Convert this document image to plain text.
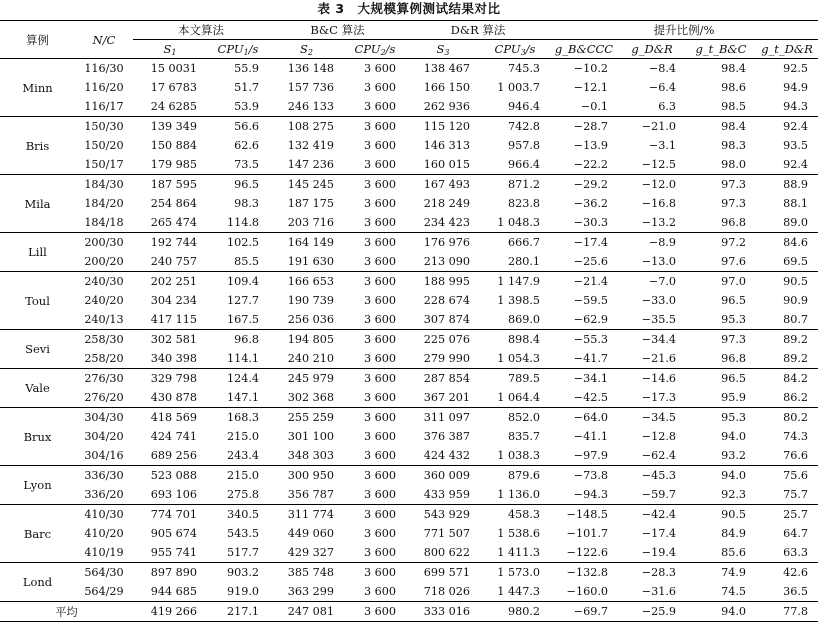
表 3　大规模算例测试结果对比
算例	N/C	本文算法		B&C 算法		D&R 算法		提升比例/%			
		$S_1$	$CPU_1/s$	$S_2$	$CPU_2/s$	$S_3$	$CPU_3/s$	g_B&CCC	g_D&R	g_t_B&C	g_t_D&R
Minn	116/30	15 0031	55.9	136 148	3 600	138 467	745.3	−10.2	−8.4	98.4	92.5
	116/20	17 6783	51.7	157 736	3 600	166 150	1 003.7	−12.1	−6.4	98.6	94.9
	116/17	24 6285	53.9	246 133	3 600	262 936	946.4	−0.1	6.3	98.5	94.3
Bris	150/30	139 349	56.6	108 275	3 600	115 120	742.8	−28.7	−21.0	98.4	92.4
	150/20	150 884	62.6	132 419	3 600	146 313	957.8	−13.9	−3.1	98.3	93.5
	150/17	179 985	73.5	147 236	3 600	160 015	966.4	−22.2	−12.5	98.0	92.4
Mila	184/30	187 595	96.5	145 245	3 600	167 493	871.2	−29.2	−12.0	97.3	88.9
	184/20	254 864	98.3	187 175	3 600	218 249	823.8	−36.2	−16.8	97.3	88.1
	184/18	265 474	114.8	203 716	3 600	234 423	1 048.3	−30.3	−13.2	96.8	89.0
Lill	200/30	192 744	102.5	164 149	3 600	176 976	666.7	−17.4	−8.9	97.2	84.6
	200/20	240 757	85.5	191 630	3 600	213 090	280.1	−25.6	−13.0	97.6	69.5
Toul	240/30	202 251	109.4	166 653	3 600	188 995	1 147.9	−21.4	−7.0	97.0	90.5
	240/20	304 234	127.7	190 739	3 600	228 674	1 398.5	−59.5	−33.0	96.5	90.9
	240/13	417 115	167.5	256 036	3 600	307 874	869.0	−62.9	−35.5	95.3	80.7
Sevi	258/30	302 581	96.8	194 805	3 600	225 076	898.4	−55.3	−34.4	97.3	89.2
	258/20	340 398	114.1	240 210	3 600	279 990	1 054.3	−41.7	−21.6	96.8	89.2
Vale	276/30	329 798	124.4	245 979	3 600	287 854	789.5	−34.1	−14.6	96.5	84.2
	276/20	430 878	147.1	302 368	3 600	367 201	1 064.4	−42.5	−17.3	95.9	86.2
Brux	304/30	418 569	168.3	255 259	3 600	311 097	852.0	−64.0	−34.5	95.3	80.2
	304/20	424 741	215.0	301 100	3 600	376 387	835.7	−41.1	−12.8	94.0	74.3
	304/16	689 256	243.4	348 303	3 600	424 432	1 038.3	−97.9	−62.4	93.2	76.6
Lyon	336/30	523 088	215.0	300 950	3 600	360 009	879.6	−73.8	−45.3	94.0	75.6
	336/20	693 106	275.8	356 787	3 600	433 959	1 136.0	−94.3	−59.7	92.3	75.7
Barc	410/30	774 701	340.5	311 774	3 600	543 929	458.3	−148.5	−42.4	90.5	25.7
	410/20	905 674	543.5	449 060	3 600	771 507	1 538.6	−101.7	−17.4	84.9	64.7
	410/19	955 741	517.7	429 327	3 600	800 622	1 411.3	−122.6	−19.4	85.6	63.3
Lond	564/30	897 890	903.2	385 748	3 600	699 571	1 573.0	−132.8	−28.3	74.9	42.6
	564/29	944 685	919.0	363 299	3 600	718 026	1 447.3	−160.0	−31.6	74.5	36.5
平均		419 266	217.1	247 081	3 600	333 016	980.2	−69.7	−25.9	94.0	77.8
